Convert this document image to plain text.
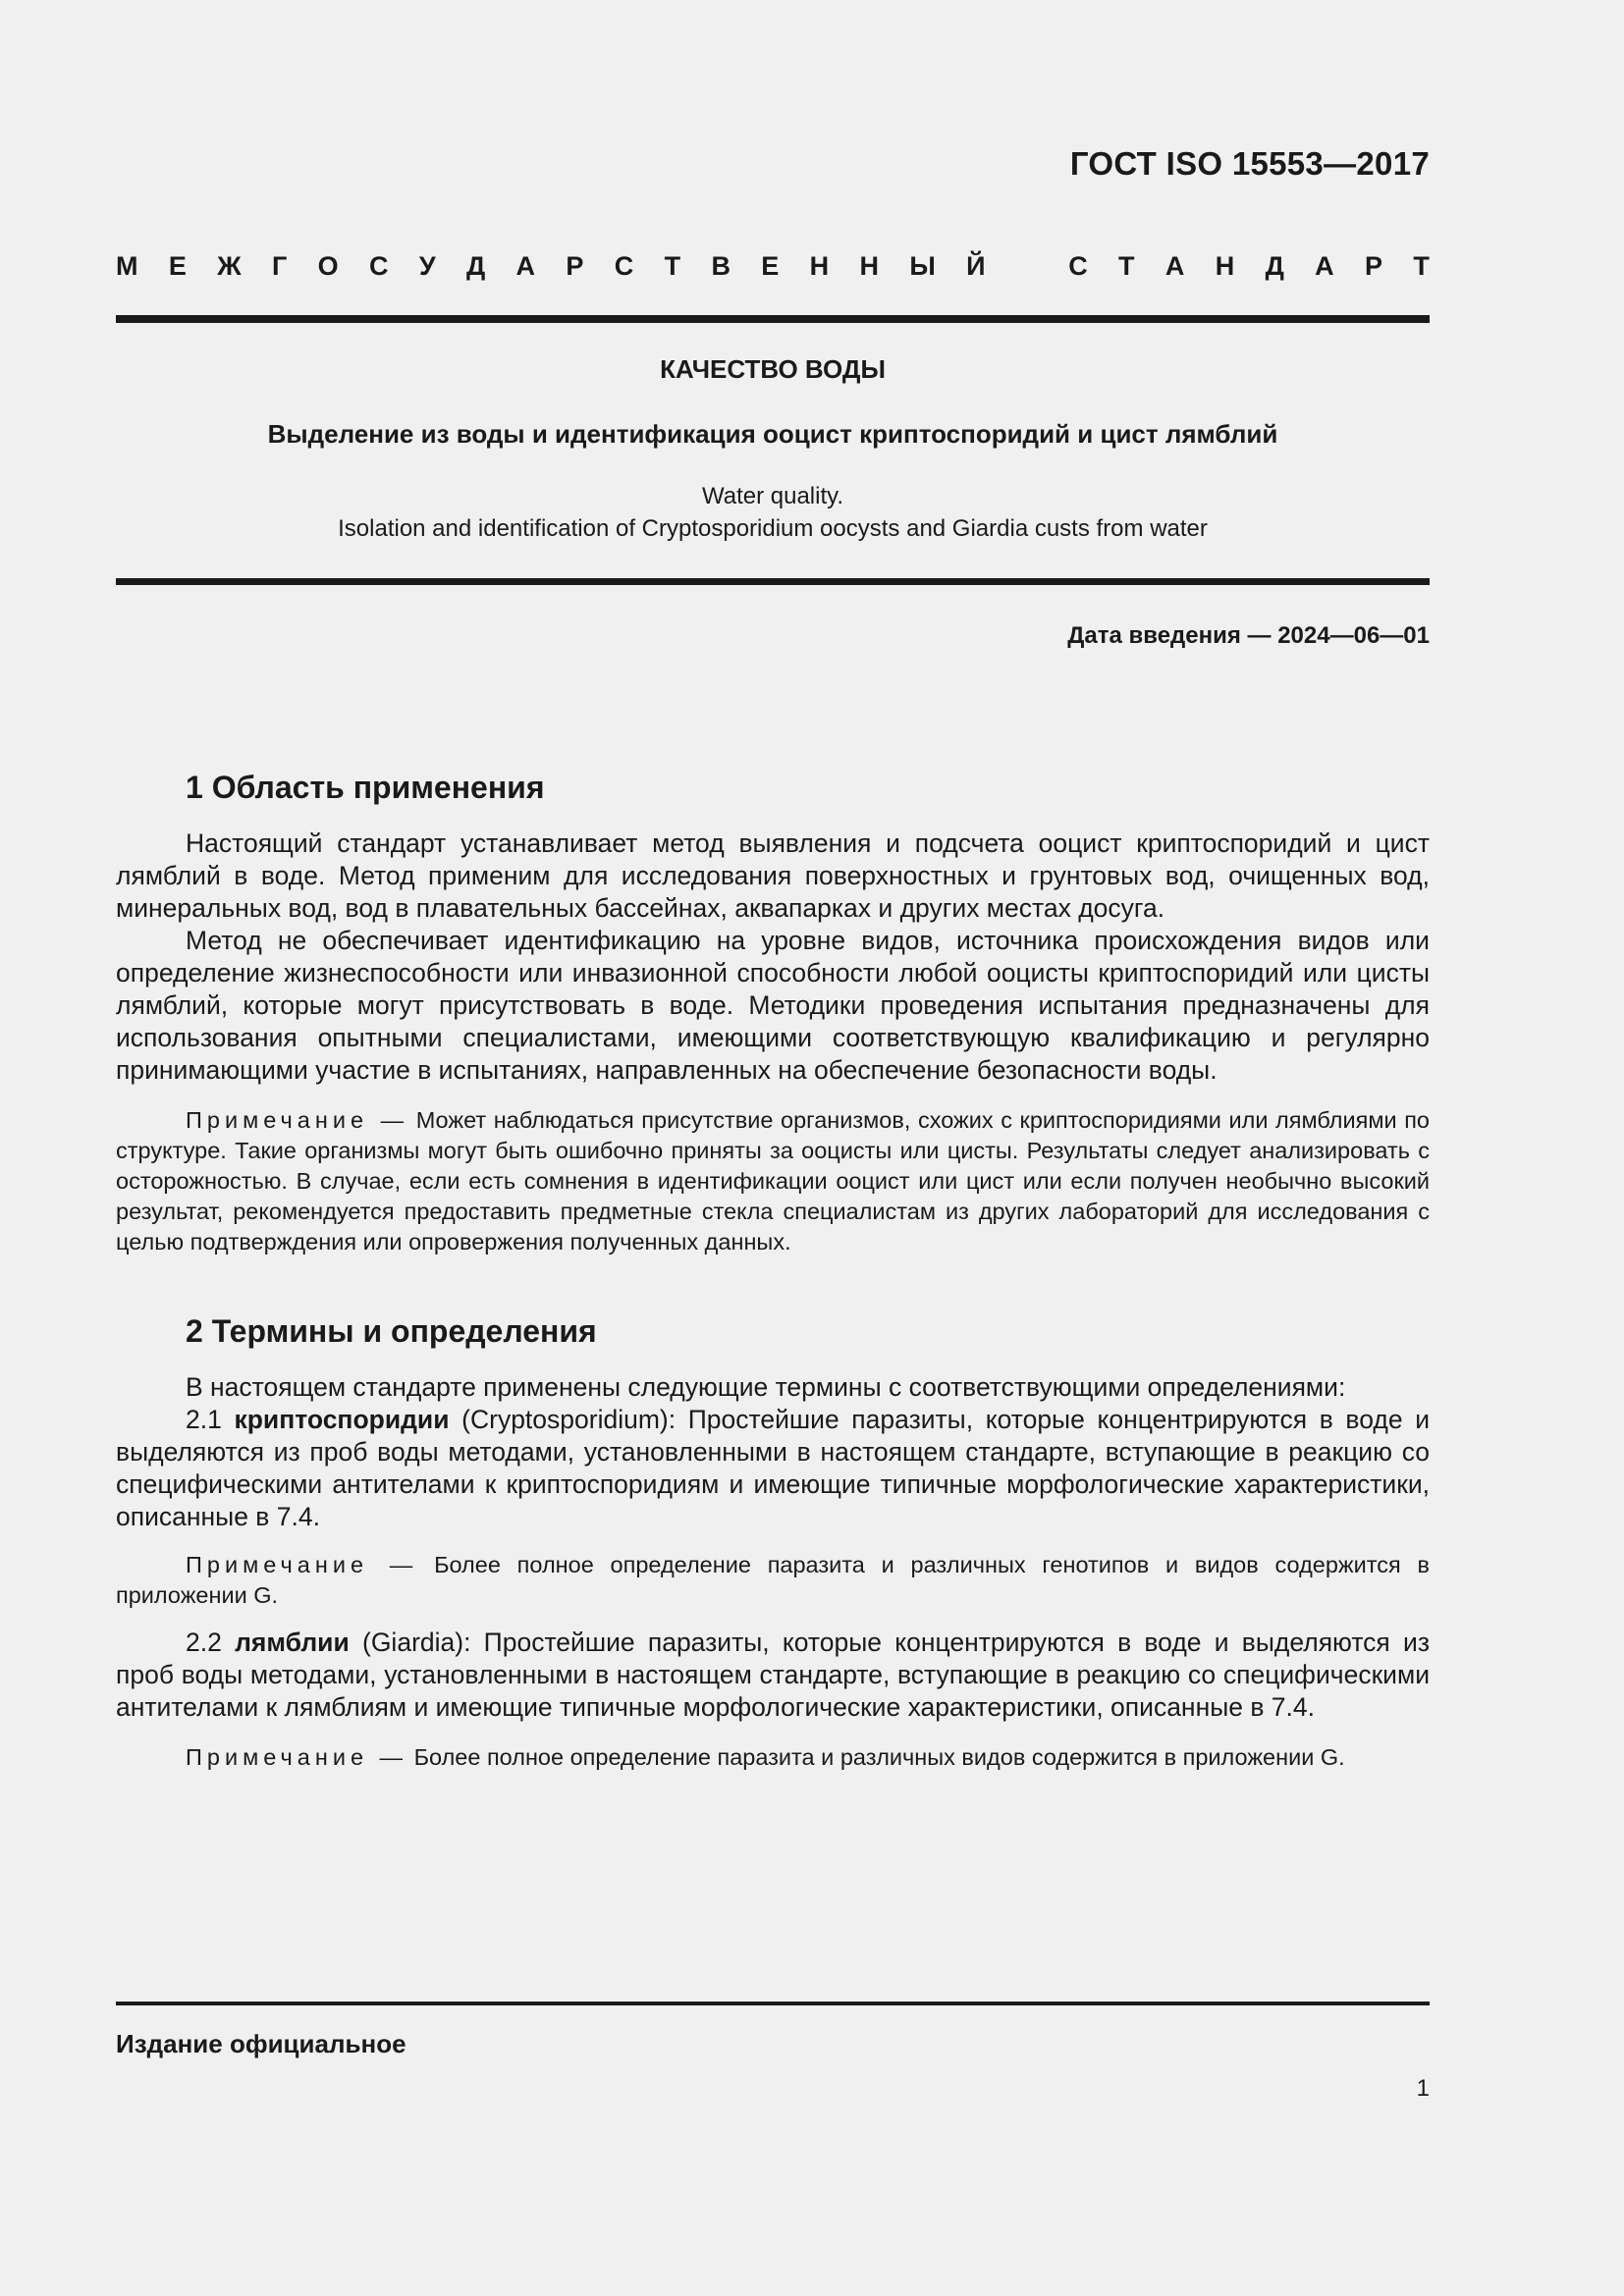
ГОСТ ISO 15553—2017
М Е Ж Г О С У Д А Р С Т В Е Н Н Ы Й	С Т А Н Д А Р Т
КАЧЕСТВО ВОДЫ
Выделение из воды и идентификация ооцист криптоспоридий и цист лямблий
Water quality.
Isolation and identification of Cryptosporidium oocysts and Giardia custs from water
Дата введения — 2024—06—01
1 Область применения

Настоящий стандарт устанавливает метод выявления и подсчета ооцист криптоспоридий и цист лямблий в воде. Метод применим для исследования поверхностных и грунтовых вод, очищенных вод, минеральных вод, вод в плавательных бассейнах, аквапарках и других местах досуга.

Метод не обеспечивает идентификацию на уровне видов, источника происхождения видов или определение жизнеспособности или инвазионной способности любой ооцисты криптоспоридий или цисты лямблий, которые могут присутствовать в воде. Методики проведения испытания предназначены для использования опытными специалистами, имеющими соответствующую квалификацию и регулярно принимающими участие в испытаниях, направленных на обеспечение безопасности воды.

Примечание — Может наблюдаться присутствие организмов, схожих с криптоспоридиями или лямблиями по структуре. Такие организмы могут быть ошибочно приняты за ооцисты или цисты. Результаты следует анализировать с осторожностью. В случае, если есть сомнения в идентификации ооцист или цист или если получен необычно высокий результат, рекомендуется предоставить предметные стекла специалистам из других лабораторий для исследования с целью подтверждения или опровержения полученных данных.

2 Термины и определения

В настоящем стандарте применены следующие термины с соответствующими определениями:

2.1 криптоспоридии (Cryptosporidium): Простейшие паразиты, которые концентрируются в воде и выделяются из проб воды методами, установленными в настоящем стандарте, вступающие в реакцию со специфическими антителами к криптоспоридиям и имеющие типичные морфологические характеристики, описанные в 7.4.

Примечание — Более полное определение паразита и различных генотипов и видов содержится в приложении G.

2.2 лямблии (Giardia): Простейшие паразиты, которые концентрируются в воде и выделяются из проб воды методами, установленными в настоящем стандарте, вступающие в реакцию со специфическими антителами к лямблиям и имеющие типичные морфологические характеристики, описанные в 7.4.

Примечание — Более полное определение паразита и различных видов содержится в приложении G.

Издание официальное
1
